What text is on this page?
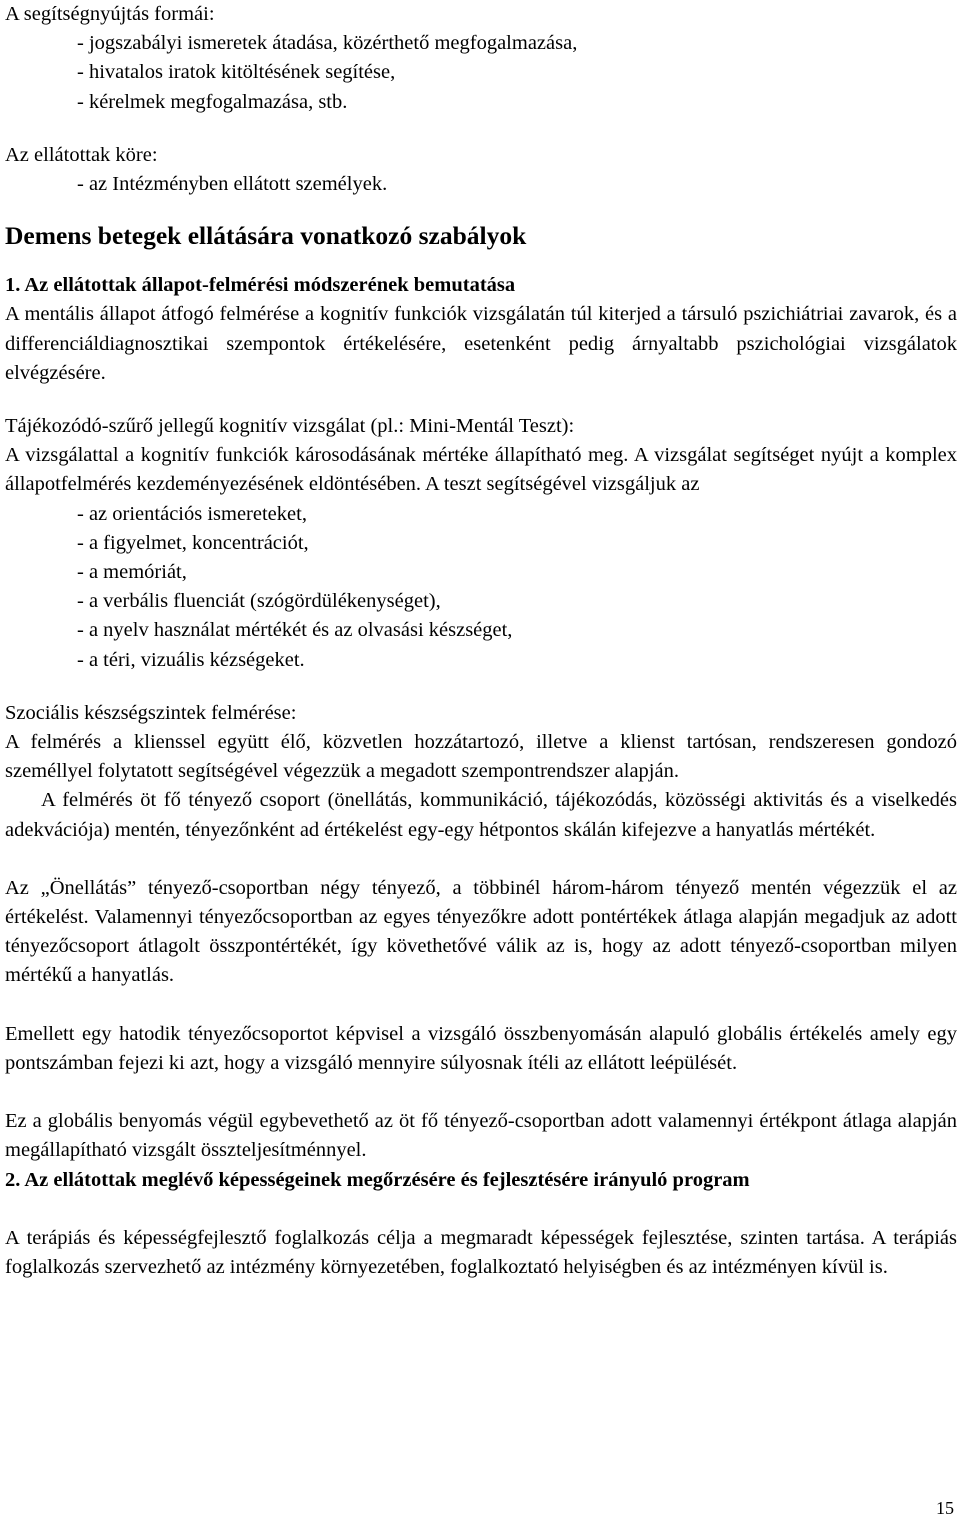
A segítségnyújtás formái:

- jogszabályi ismeretek átadása, közérthető megfogalmazása,

- hivatalos iratok kitöltésének segítése,

- kérelmek megfogalmazása, stb.

Az ellátottak köre:

- az Intézményben ellátott személyek.

Demens betegek ellátására vonatkozó szabályok

1. Az ellátottak állapot-felmérési módszerének bemutatása

A mentális állapot átfogó felmérése a kognitív funkciók vizsgálatán túl kiterjed a társuló pszichiátriai zavarok, és a differenciáldiagnosztikai szempontok értékelésére, esetenként pedig árnyaltabb pszichológiai vizsgálatok elvégzésére.

Tájékozódó-szűrő jellegű kognitív vizsgálat (pl.: Mini-Mentál Teszt):

A vizsgálattal a kognitív funkciók károsodásának mértéke állapítható meg. A vizsgálat segítséget nyújt a komplex állapotfelmérés kezdeményezésének eldöntésében. A teszt segítségével vizsgáljuk az

- az orientációs ismereteket,

- a figyelmet, koncentrációt,

- a memóriát,

- a verbális fluenciát (szógördülékenységet),

- a nyelv használat mértékét és az olvasási készséget,

- a téri, vizuális kézségeket.

Szociális készségszintek felmérése:

A felmérés a klienssel együtt élő, közvetlen hozzátartozó, illetve a klienst tartósan, rendszeresen gondozó személlyel folytatott segítségével végezzük a megadott szempontrendszer alapján.

A felmérés öt fő tényező csoport (önellátás, kommunikáció, tájékozódás, közösségi aktivitás és a viselkedés adekvációja) mentén, tényezőnként ad értékelést egy-egy hétpontos skálán kifejezve a hanyatlás mértékét.

Az „Önellátás” tényező-csoportban négy tényező, a többinél három-három tényező mentén végezzük el az értékelést. Valamennyi tényezőcsoportban az egyes tényezőkre adott pontértékek átlaga alapján megadjuk az adott tényezőcsoport átlagolt összpontértékét, így követhetővé válik az is, hogy az adott tényező-csoportban milyen mértékű a hanyatlás.

Emellett egy hatodik tényezőcsoportot képvisel a vizsgáló összbenyomásán alapuló globális értékelés amely egy pontszámban fejezi ki azt, hogy a vizsgáló mennyire súlyosnak ítéli az ellátott leépülését.

Ez a globális benyomás végül egybevethető az öt fő tényező-csoportban adott valamennyi értékpont átlaga alapján megállapítható vizsgált összteljesítménnyel.

2. Az ellátottak meglévő képességeinek megőrzésére és fejlesztésére irányuló program

A terápiás és képességfejlesztő foglalkozás célja a megmaradt képességek fejlesztése, szinten tartása. A terápiás foglalkozás szervezhető az intézmény környezetében, foglalkoztató helyiségben és az intézményen kívül is.

15
